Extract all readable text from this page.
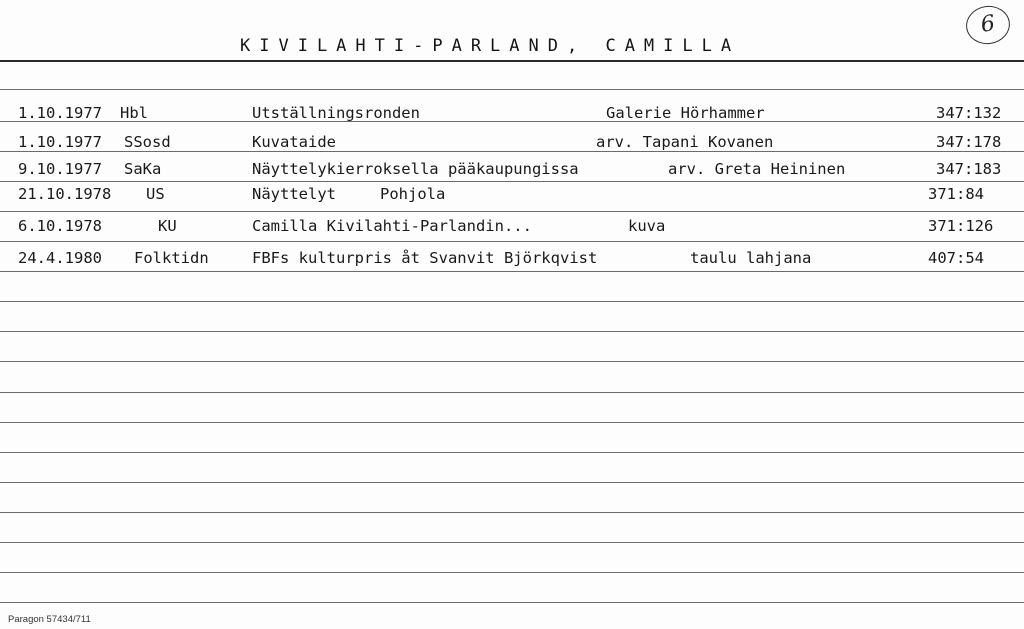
KIVILAHTI-PARLAND, CAMILLA
6
1.10.1977 Hbl	Utställningsronden	Galerie Hörhammer	347:132
1.10.1977 SSosd	Kuvataide	arv. Tapani Kovanen	347:178
9.10.1977 SaKa	Näyttelykierroksella pääkaupungissa	arv. Greta Heininen	347:183
21.10.1978 US	Näyttelyt	Pohjola	371:84
6.10.1978	KU	Camilla Kivilahti-Parlandin...	kuva	371:126
24.4.1980 Folktidn	FBFs kulturpris åt Svanvit Björkqvist	taulu lahjana	407:54
Paragon 57434/711
